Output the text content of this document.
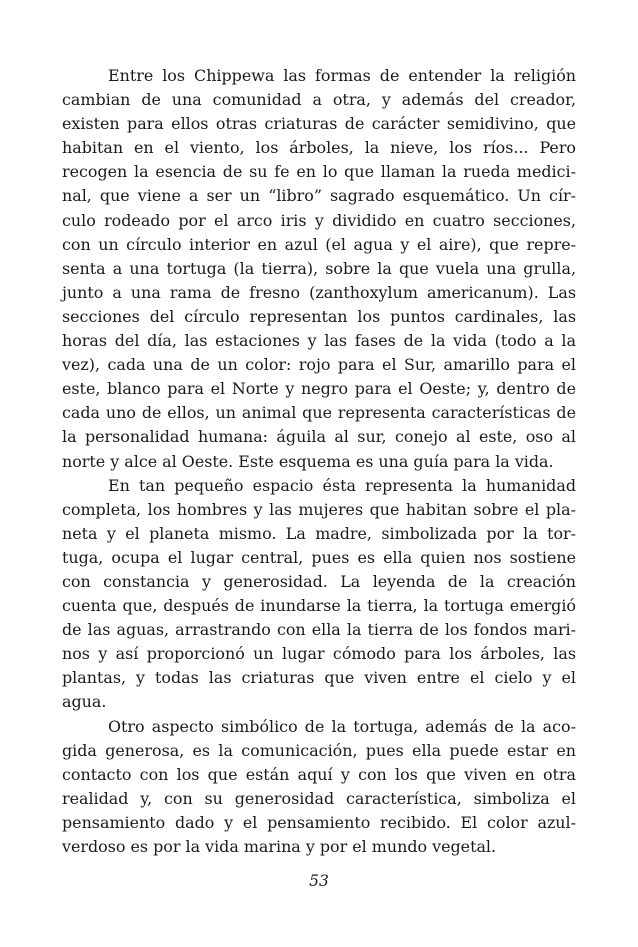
Entre los Chippewa las formas de entender la religión
cambian de una comunidad a otra, y además del creador,
existen para ellos otras criaturas de carácter semidivino, que
habitan en el viento, los árboles, la nieve, los ríos... Pero
recogen la esencia de su fe en lo que llaman la rueda medici-
nal, que viene a ser un “libro” sagrado esquemático. Un cír-
culo rodeado por el arco iris y dividido en cuatro secciones,
con un círculo interior en azul (el agua y el aire), que repre-
senta a una tortuga (la tierra), sobre la que vuela una grulla,
junto a una rama de fresno (zanthoxylum americanum). Las
secciones del círculo representan los puntos cardinales, las
horas del día, las estaciones y las fases de la vida (todo a la
vez), cada una de un color: rojo para el Sur, amarillo para el
este, blanco para el Norte y negro para el Oeste; y, dentro de
cada uno de ellos, un animal que representa características de
la personalidad humana: águila al sur, conejo al este, oso al
norte y alce al Oeste. Este esquema es una guía para la vida.
En tan pequeño espacio ésta representa la humanidad
completa, los hombres y las mujeres que habitan sobre el pla-
neta y el planeta mismo. La madre, simbolizada por la tor-
tuga, ocupa el lugar central, pues es ella quien nos sostiene
con constancia y generosidad. La leyenda de la creación
cuenta que, después de inundarse la tierra, la tortuga emergió
de las aguas, arrastrando con ella la tierra de los fondos mari-
nos y así proporcionó un lugar cómodo para los árboles, las
plantas, y todas las criaturas que viven entre el cielo y el
agua.
Otro aspecto simbólico de la tortuga, además de la aco-
gida generosa, es la comunicación, pues ella puede estar en
contacto con los que están aquí y con los que viven en otra
realidad y, con su generosidad característica, simboliza el
pensamiento dado y el pensamiento recibido. El color azul-
verdoso es por la vida marina y por el mundo vegetal.
53
